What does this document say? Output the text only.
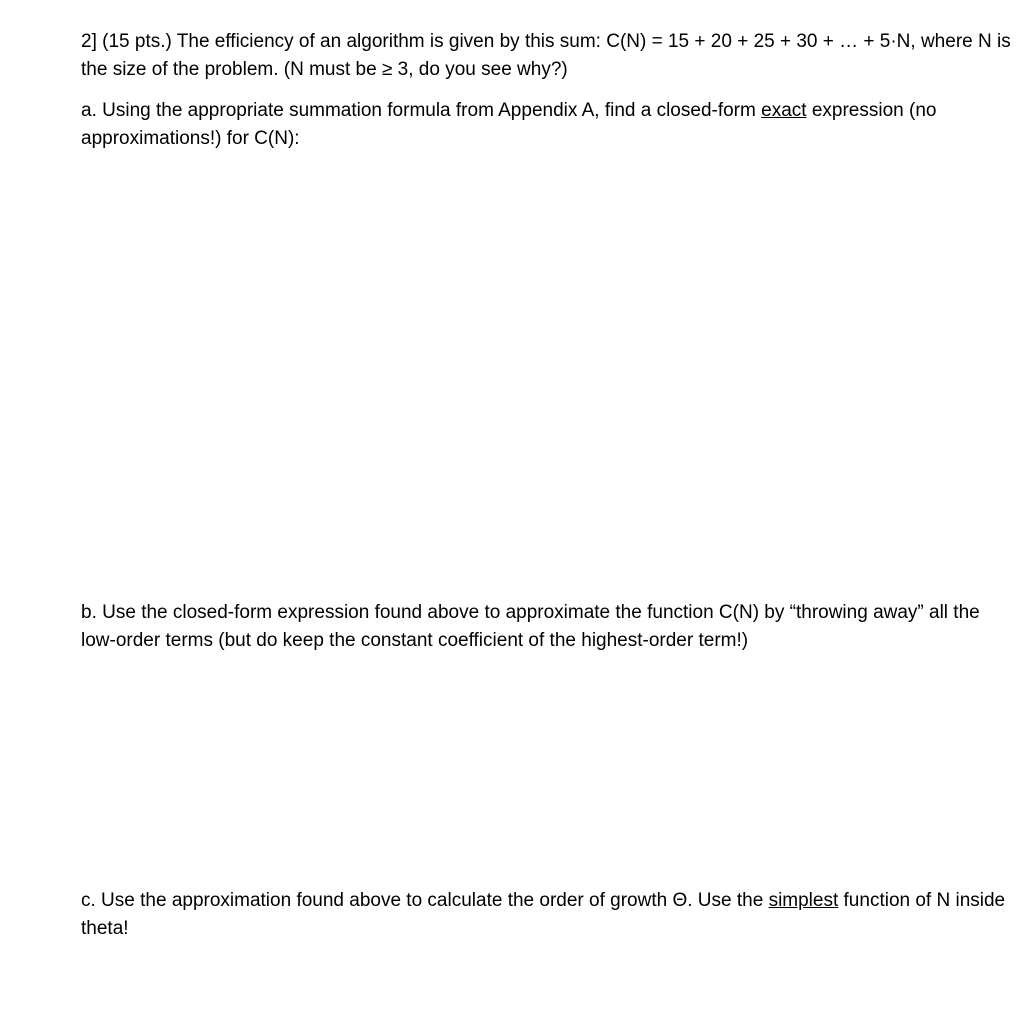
2] (15 pts.) The efficiency of an algorithm is given by this sum: C(N) = 15 + 20 + 25 + 30 + … + 5·N, where N is the size of the problem. (N must be ≥ 3, do you see why?)

a. Using the appropriate summation formula from Appendix A, find a closed-form exact expression (no approximations!) for C(N):

b. Use the closed-form expression found above to approximate the function C(N) by “throwing away” all the low-order terms (but do keep the constant coefficient of the highest-order term!)

c. Use the approximation found above to calculate the order of growth Θ. Use the simplest function of N inside theta!
